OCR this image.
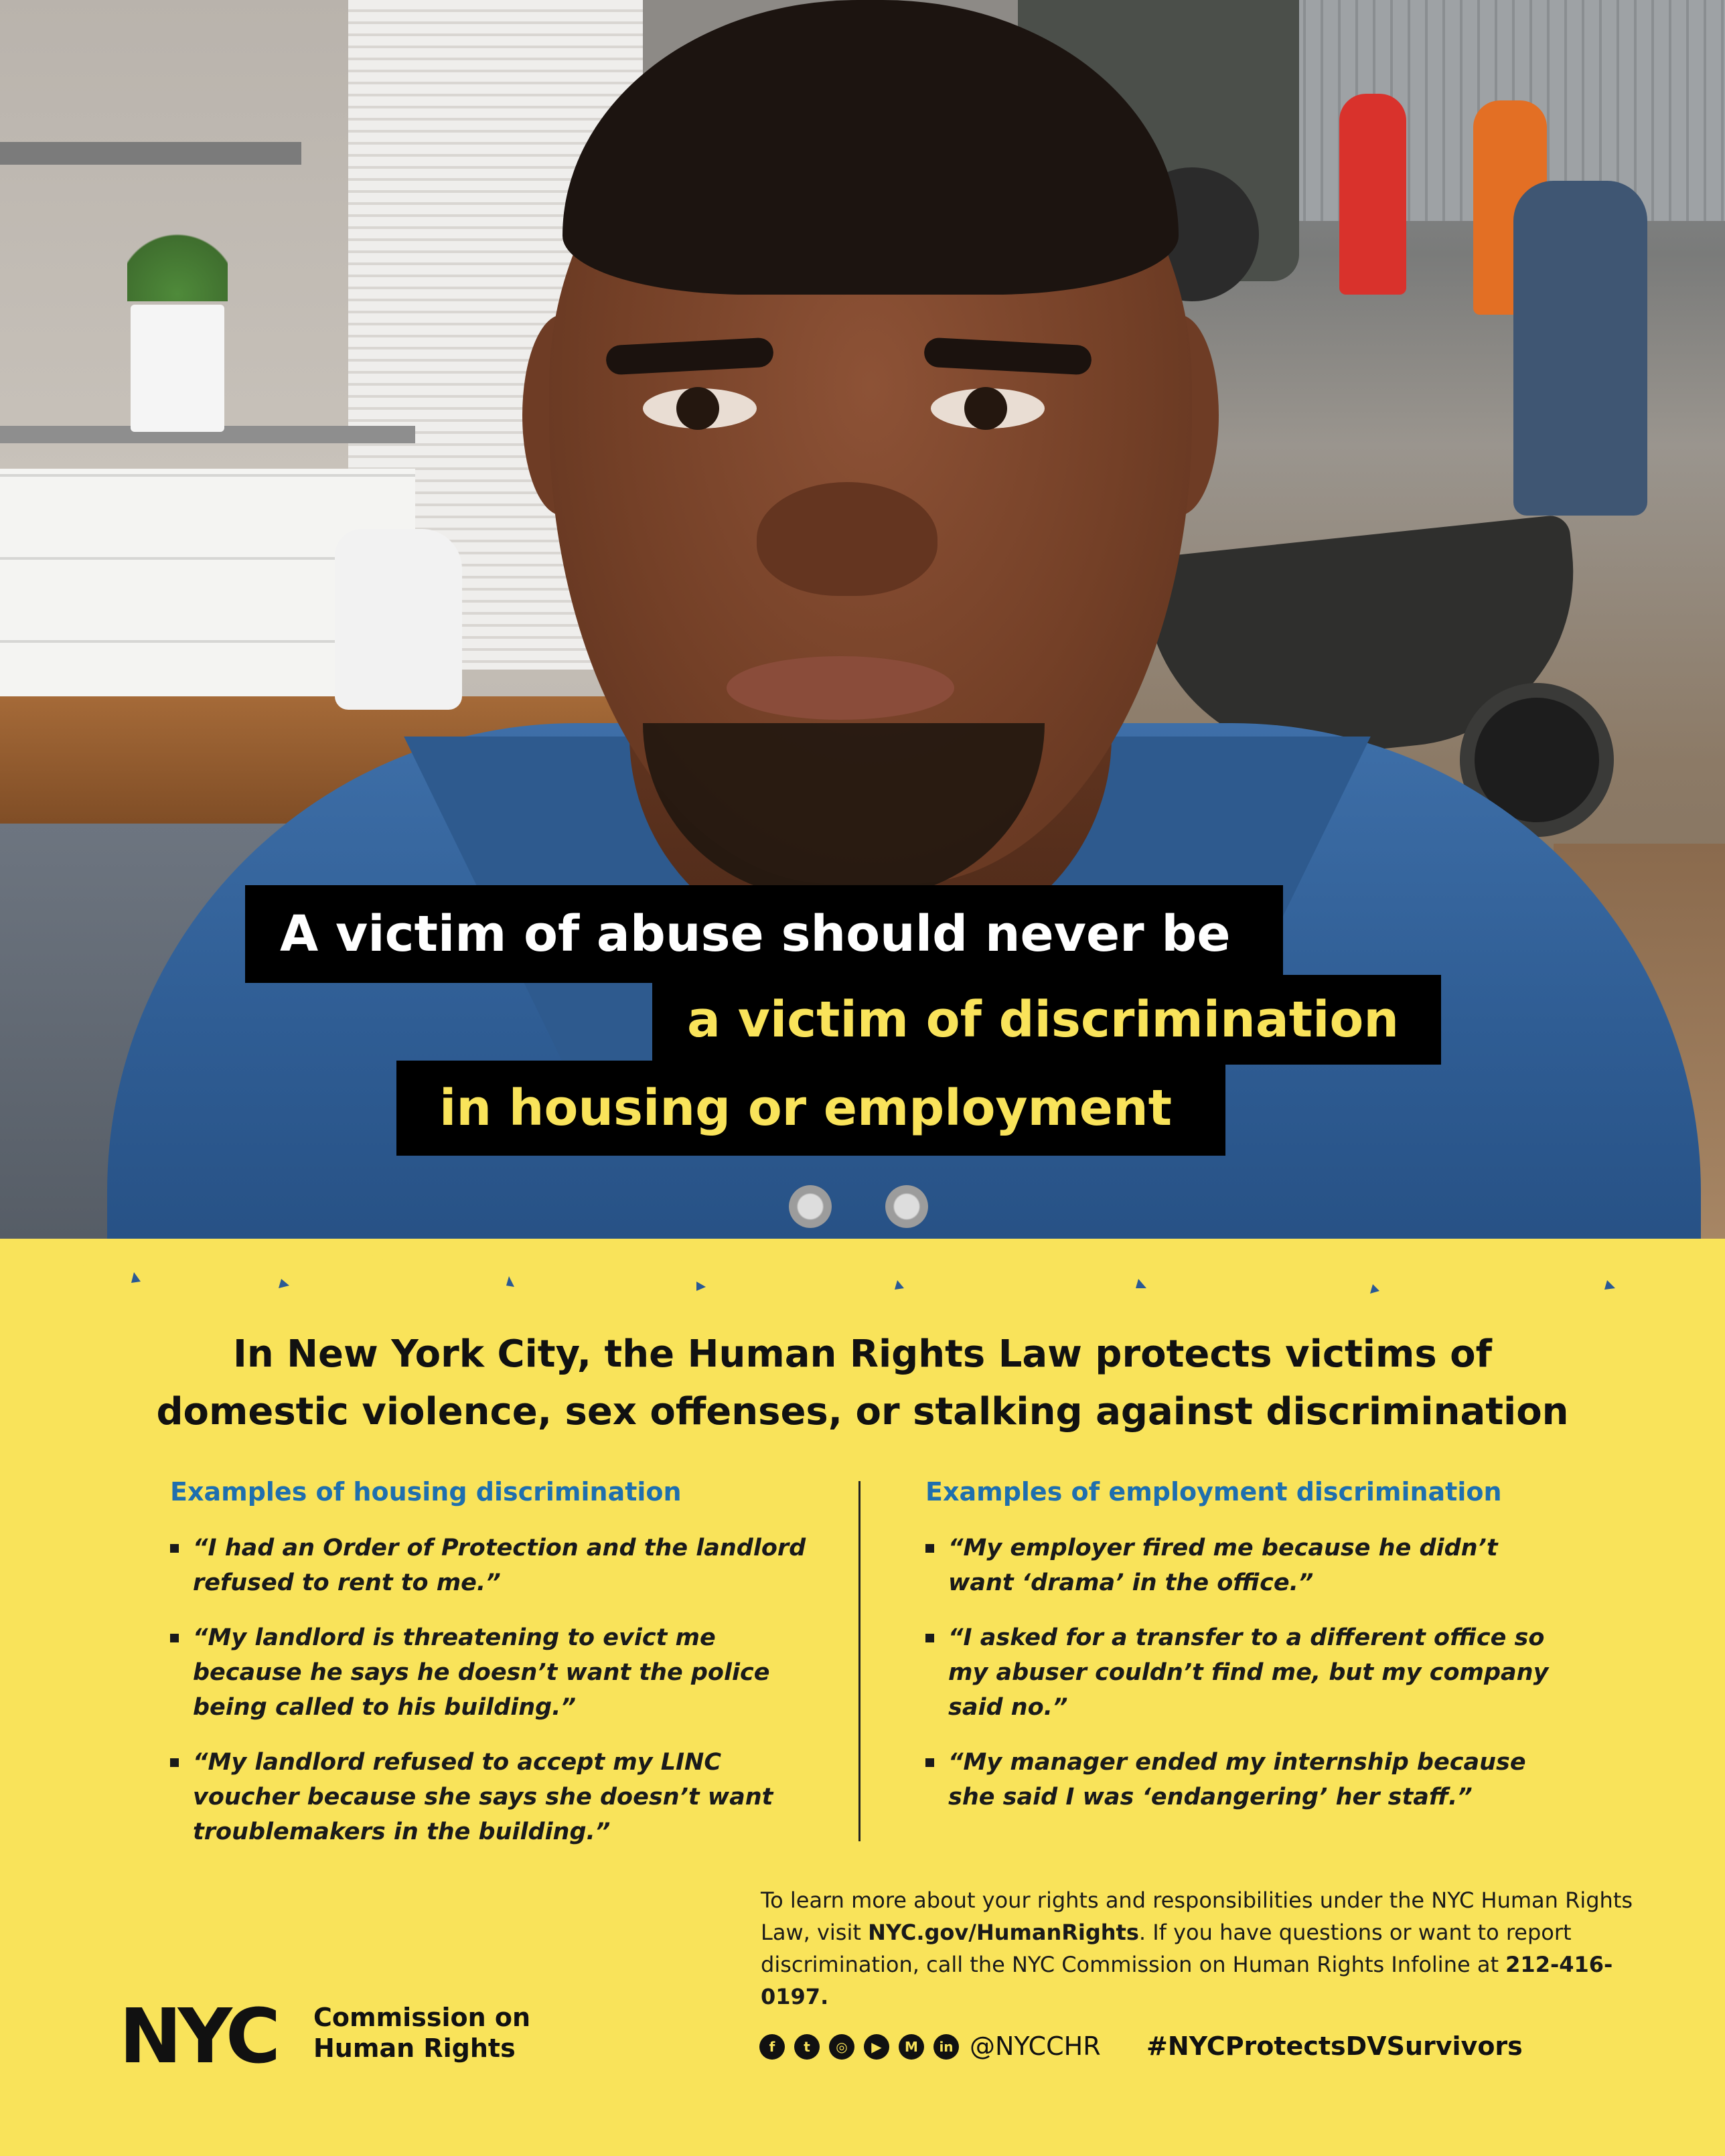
A victim of abuse should never be
a victim of discrimination
in housing or employment
In New York City, the Human Rights Law protects victims of
domestic violence, sex offenses, or stalking against discrimination
Examples of housing discrimination
“I had an Order of Protection and the landlord refused to rent to me.”
“My landlord is threatening to evict me because he says he doesn’t want the police being called to his building.”
“My landlord refused to accept my LINC voucher because she says she doesn’t want troublemakers in the building.”
Examples of employment discrimination
“My employer fired me because he didn’t want ‘drama’ in the office.”
“I asked for a transfer to a different office so my abuser couldn’t find me, but my company said no.”
“My manager ended my internship because she said I was ‘endangering’ her staff.”
To learn more about your rights and responsibilities under the NYC Human Rights Law, visit NYC.gov/HumanRights. If you have questions or want to report discrimination, call the NYC Commission on Human Rights Infoline at 212-416-0197.
NYC Commission on
Human Rights	f	t	◎	▶	M	in @NYCCHR #NYCProtectsDVSurvivors
